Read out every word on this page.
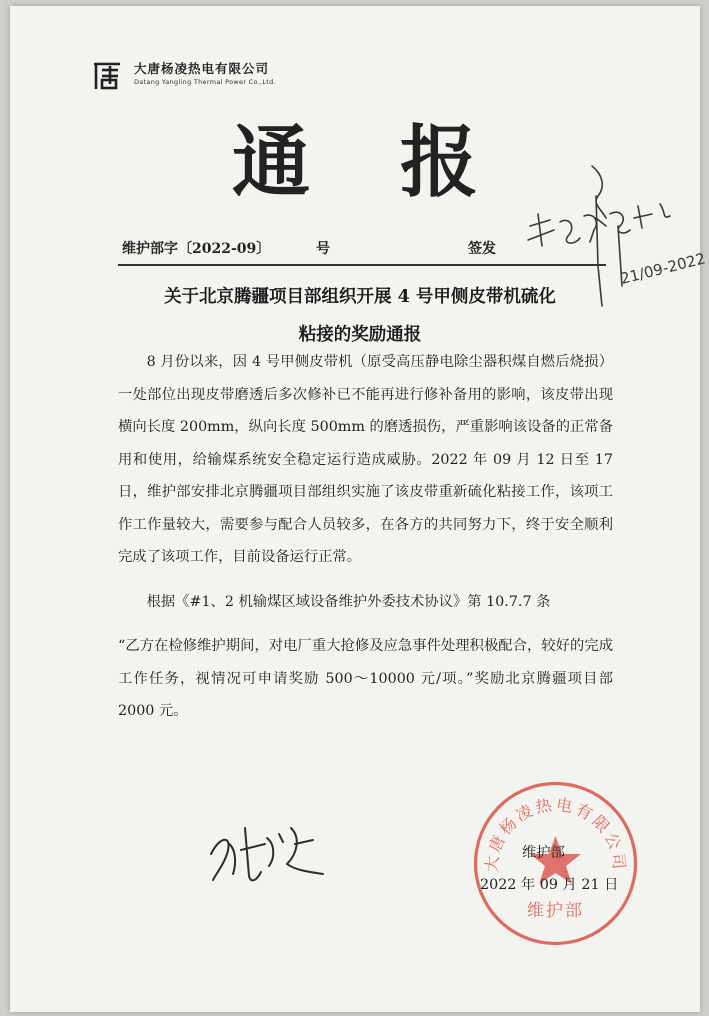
大唐杨凌热电有限公司
Datang Yangling Thermal Power Co.,Ltd.
通报
维护部字〔2022-09〕	号	签发
关于北京腾疆项目部组织开展 4 号甲侧皮带机硫化
粘接的奖励通报

8 月份以来，因 4 号甲侧皮带机（原受高压静电除尘器积煤自燃后烧损）一处部位出现皮带磨透后多次修补已不能再进行修补备用的影响，该皮带出现横向长度 200mm，纵向长度 500mm 的磨透损伤，严重影响该设备的正常备用和使用，给输煤系统安全稳定运行造成威胁。2022 年 09 月 12 日至 17 日，维护部安排北京腾疆项目部组织实施了该皮带重新硫化粘接工作，该项工作工作量较大，需要参与配合人员较多，在各方的共同努力下，终于安全顺利完成了该项工作，目前设备运行正常。

根据《#1、2 机输煤区域设备维护外委技术协议》第 10.7.7 条

“乙方在检修维护期间，对电厂重大抢修及应急事件处理积极配合，较好的完成工作任务，视情况可申请奖励 500～10000 元/项。”奖励北京腾疆项目部 2000 元。

21/09-2022
大唐杨凌热电有限公司
维护部
维护部
2022 年 09 月 21 日
